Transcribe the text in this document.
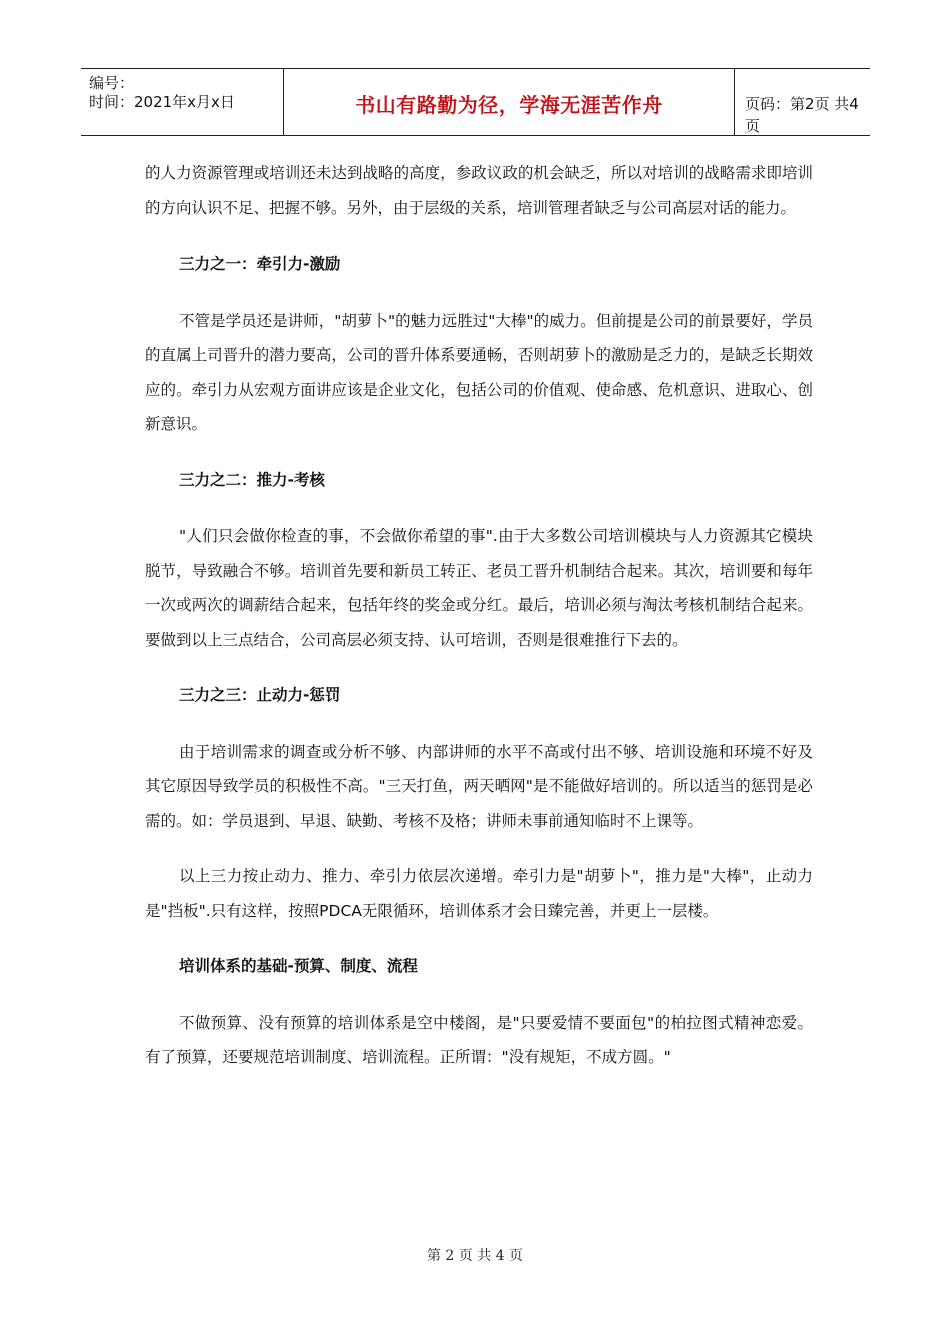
编号：
时间：2021年x月x日	书山有路勤为径，学海无涯苦作舟	页码：第2页 共4页

的人力资源管理或培训还未达到战略的高度，参政议政的机会缺乏，所以对培训的战略需求即培训的方向认识不足、把握不够。另外，由于层级的关系，培训管理者缺乏与公司高层对话的能力。

三力之一：牵引力-激励

不管是学员还是讲师，"胡萝卜"的魅力远胜过"大棒"的威力。但前提是公司的前景要好，学员的直属上司晋升的潜力要高，公司的晋升体系要通畅，否则胡萝卜的激励是乏力的，是缺乏长期效应的。牵引力从宏观方面讲应该是企业文化，包括公司的价值观、使命感、危机意识、进取心、创新意识。

三力之二：推力-考核

"人们只会做你检查的事，不会做你希望的事".由于大多数公司培训模块与人力资源其它模块脱节，导致融合不够。培训首先要和新员工转正、老员工晋升机制结合起来。其次，培训要和每年一次或两次的调薪结合起来，包括年终的奖金或分红。最后，培训必须与淘汰考核机制结合起来。要做到以上三点结合，公司高层必须支持、认可培训，否则是很难推行下去的。

三力之三：止动力-惩罚

由于培训需求的调查或分析不够、内部讲师的水平不高或付出不够、培训设施和环境不好及其它原因导致学员的积极性不高。"三天打鱼，两天晒网"是不能做好培训的。所以适当的惩罚是必需的。如：学员退到、早退、缺勤、考核不及格；讲师未事前通知临时不上课等。

以上三力按止动力、推力、牵引力依层次递增。牵引力是"胡萝卜"，推力是"大棒"，止动力是"挡板".只有这样，按照PDCA无限循环，培训体系才会日臻完善，并更上一层楼。

培训体系的基础-预算、制度、流程

不做预算、没有预算的培训体系是空中楼阁，是"只要爱情不要面包"的柏拉图式精神恋爱。有了预算，还要规范培训制度、培训流程。正所谓："没有规矩，不成方圆。"

第 2 页 共 4 页
